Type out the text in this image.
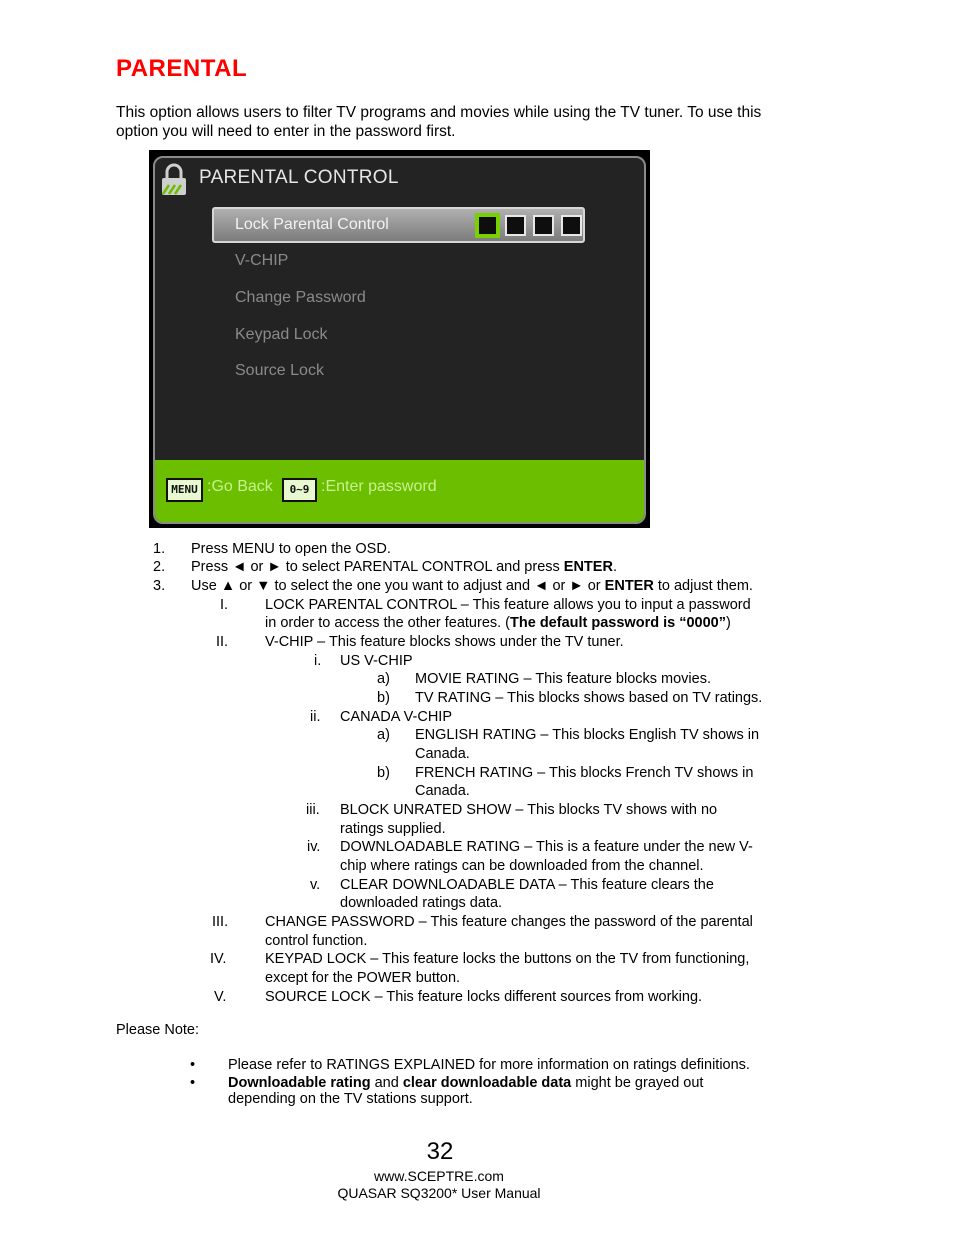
PARENTAL
This option allows users to filter TV programs and movies while using the TV tuner. To use this option you will need to enter in the password first.
PARENTAL CONTROL
Lock Parental Control
V-CHIP
Change Password
Keypad Lock
Source Lock
MENU :Go Back	0~9 :Enter password
1. Press MENU to open the OSD.
2. Press ◄ or ► to select PARENTAL CONTROL and press ENTER.
3. Use ▲ or ▼ to select the one you want to adjust and ◄ or ► or ENTER to adjust them.
I.	LOCK PARENTAL CONTROL – This feature allows you to input a password
in order to access the other features. (The default password is “0000”)
II.	V-CHIP – This feature blocks shows under the TV tuner.
i. US V-CHIP
a) MOVIE RATING – This feature blocks movies.
b) TV RATING – This blocks shows based on TV ratings.
ii. CANADA V-CHIP
a) ENGLISH RATING – This blocks English TV shows in
Canada.
b) FRENCH RATING – This blocks French TV shows in
Canada.
iii. BLOCK UNRATED SHOW – This blocks TV shows with no
ratings supplied.
iv. DOWNLOADABLE RATING – This is a feature under the new V-
chip where ratings can be downloaded from the channel.
v. CLEAR DOWNLOADABLE DATA – This feature clears the
downloaded ratings data.
III.	CHANGE PASSWORD – This feature changes the password of the parental
control function.
IV.	KEYPAD LOCK – This feature locks the buttons on the TV from functioning,
except for the POWER button.
V.	SOURCE LOCK – This feature locks different sources from working.
Please Note:
• Please refer to RATINGS EXPLAINED for more information on ratings definitions.
• Downloadable rating and clear downloadable data might be grayed out
depending on the TV stations support.
32
www.SCEPTRE.com
QUASAR SQ3200* User Manual
